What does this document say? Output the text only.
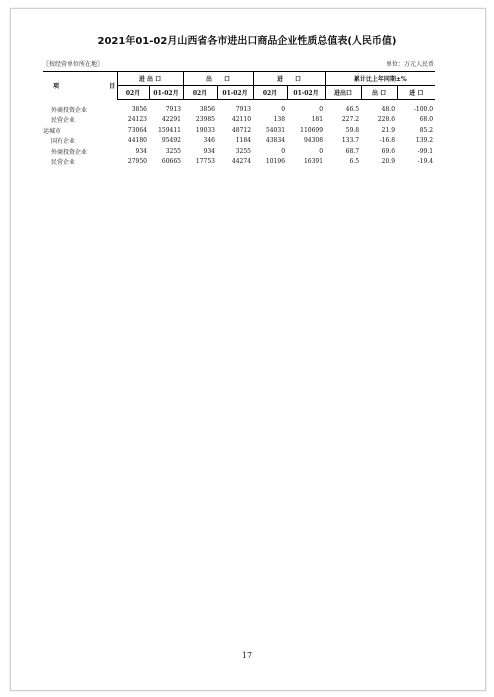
2021年01-02月山西省各市进出口商品企业性质总值表(人民币值)
〖按经营单位所在地〗	单位：万元人民币
项 目	进 出 口		出　　口		进　　口		累计比上年同期±%		
	02月	01-02月	02月	01-02月	02月	01-02月	进出口	出 口	进 口

外商投资企业	3856	7913	3856	7913	0	0	46.5	48.0	-100.0
民营企业	24123	42291	23985	42110	138	181	227.2	228.6	68.0
运城市	73064	159411	19033	48712	54031	110699	59.8	21.9	85.2
国有企业	44180	95492	346	1184	43834	94308	133.7	-16.8	139.2
外商投资企业	934	3255	934	3255	0	0	68.7	69.6	-99.1
民营企业	27950	60665	17753	44274	10196	16391	6.5	20.9	-19.4
17
